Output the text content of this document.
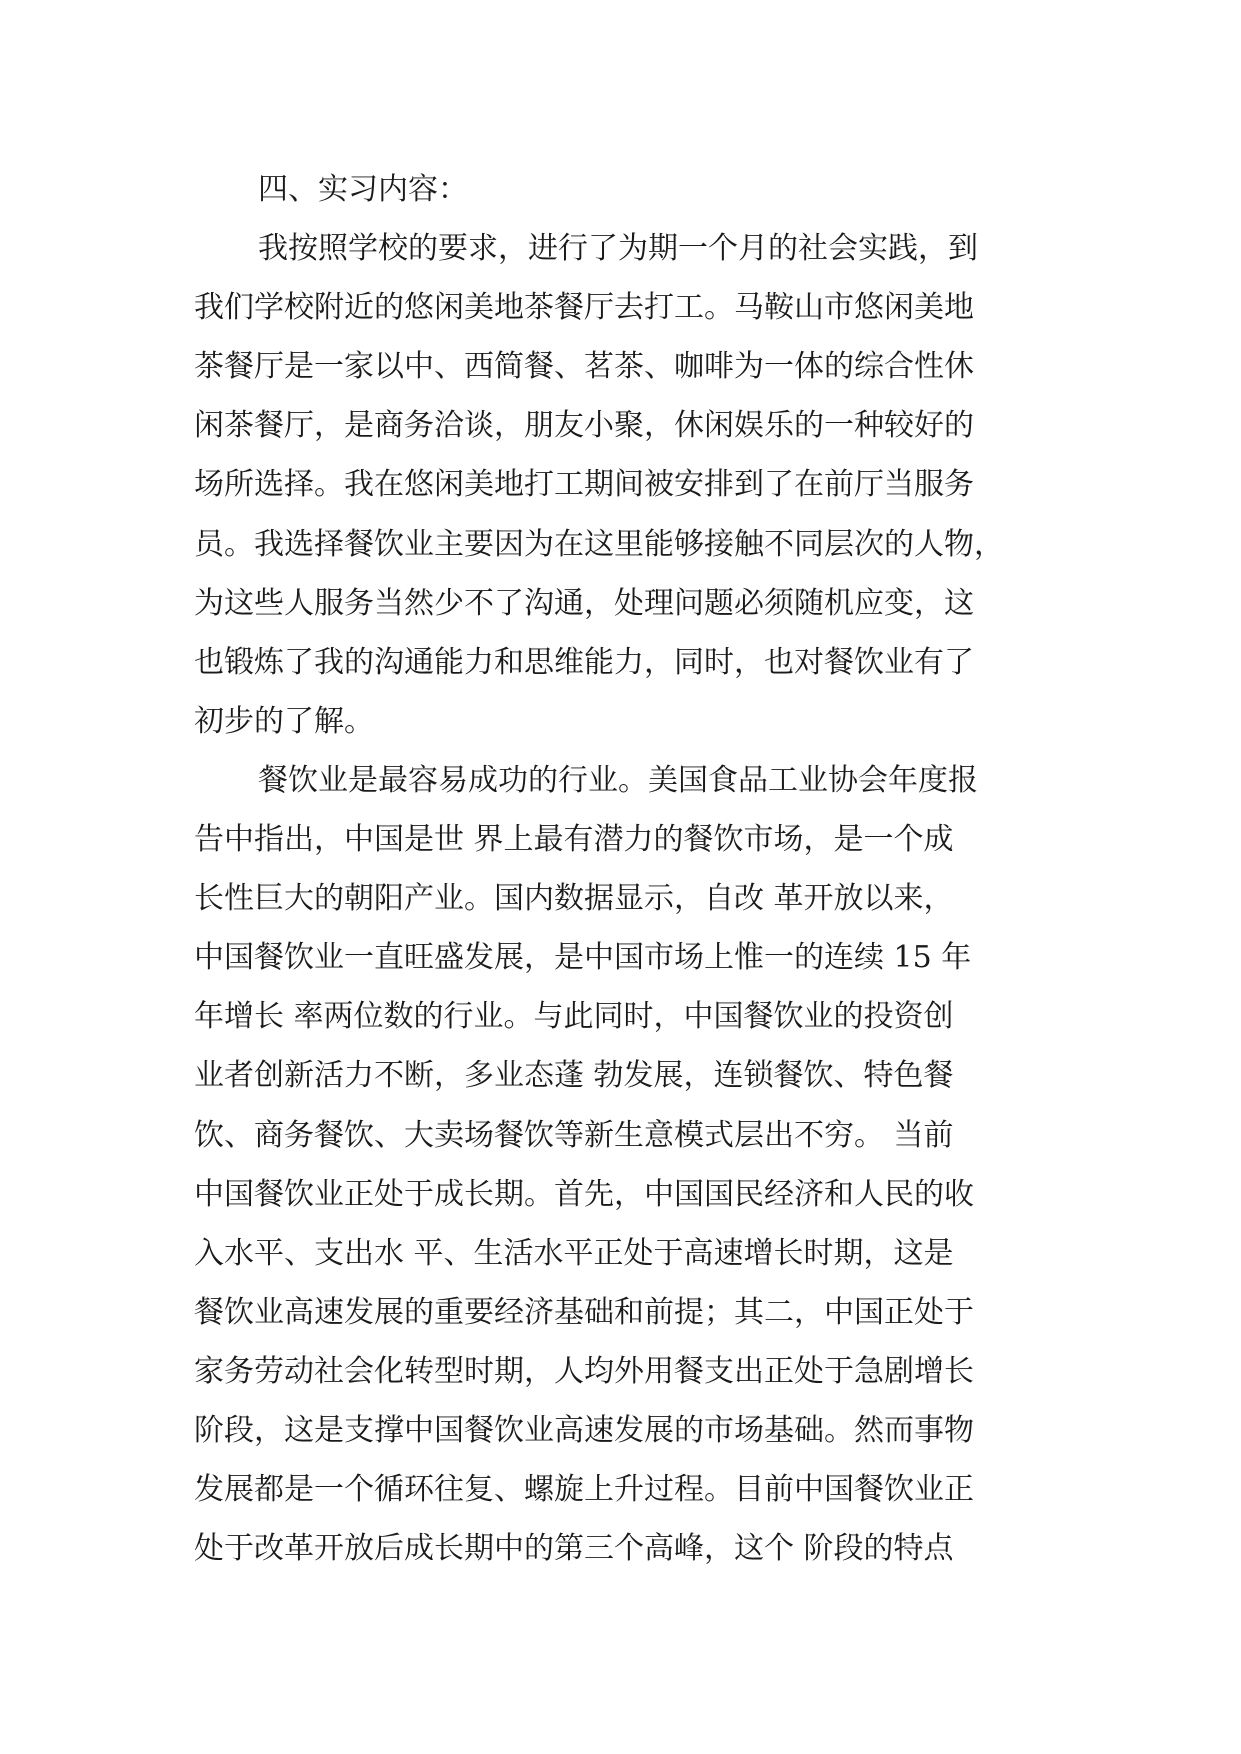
四、实习内容：
我按照学校的要求，进行了为期一个月的社会实践，到
我们学校附近的悠闲美地茶餐厅去打工。马鞍山市悠闲美地
茶餐厅是一家以中、西简餐、茗茶、咖啡为一体的综合性休
闲茶餐厅，是商务洽谈，朋友小聚，休闲娱乐的一种较好的
场所选择。我在悠闲美地打工期间被安排到了在前厅当服务
员。我选择餐饮业主要因为在这里能够接触不同层次的人物，
为这些人服务当然少不了沟通，处理问题必须随机应变，这
也锻炼了我的沟通能力和思维能力，同时，也对餐饮业有了
初步的了解。
餐饮业是最容易成功的行业。美国食品工业协会年度报
告中指出，中国是世 界上最有潜力的餐饮市场，是一个成
长性巨大的朝阳产业。国内数据显示，自改 革开放以来，
中国餐饮业一直旺盛发展，是中国市场上惟一的连续 15 年
年增长 率两位数的行业。与此同时，中国餐饮业的投资创
业者创新活力不断，多业态蓬 勃发展，连锁餐饮、特色餐
饮、商务餐饮、大卖场餐饮等新生意模式层出不穷。 当前
中国餐饮业正处于成长期。首先，中国国民经济和人民的收
入水平、支出水 平、生活水平正处于高速增长时期，这是
餐饮业高速发展的重要经济基础和前提；其二，中国正处于
家务劳动社会化转型时期，人均外用餐支出正处于急剧增长
阶段，这是支撑中国餐饮业高速发展的市场基础。然而事物
发展都是一个循环往复、螺旋上升过程。目前中国餐饮业正
处于改革开放后成长期中的第三个高峰，这个 阶段的特点
